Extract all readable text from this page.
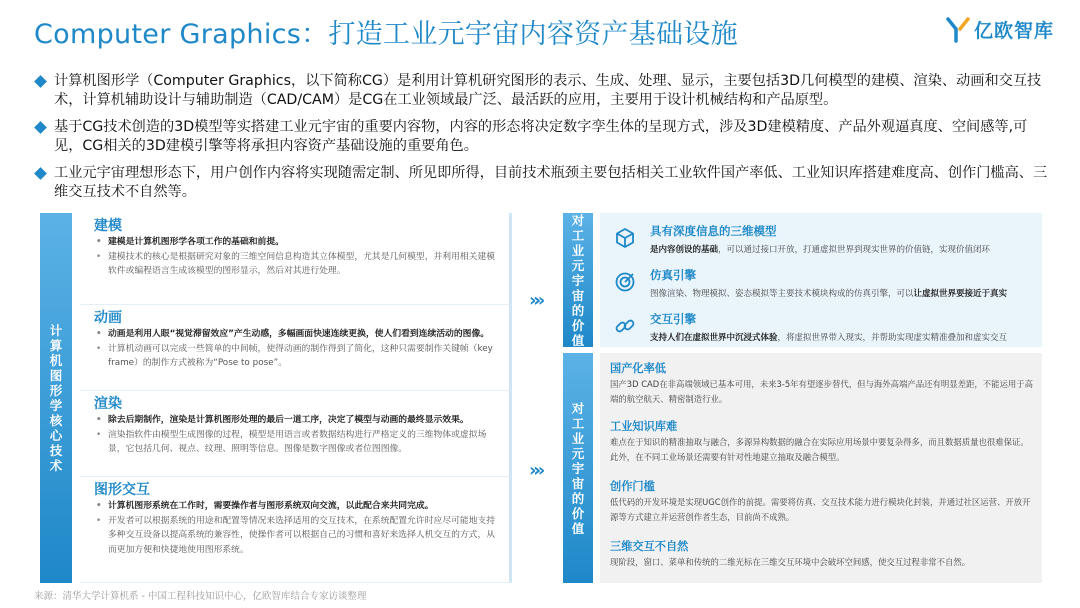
Computer Graphics：打造工业元宇宙内容资产基础设施	亿欧智库
计算机图形学（Computer Graphics，以下简称CG）是利用计算机研究图形的表示、生成、处理、显示，主要包括3D几何模型的建模、渲染、动画和交互技术，计算机辅助设计与辅助制造（CAD/CAM）是CG在工业领域最广泛、最活跃的应用，主要用于设计机械结构和产品原型。
基于CG技术创造的3D模型等实搭建工业元宇宙的重要内容物，内容的形态将决定数字孪生体的呈现方式，涉及3D建模精度、产品外观逼真度、空间感等,可见，CG相关的3D建模引擎等将承担内容资产基础设施的重要角色。
工业元宇宙理想形态下，用户创作内容将实现随需定制、所见即所得，目前技术瓶颈主要包括相关工业软件国产率低、工业知识库搭建难度高、创作门槛高、三维交互技术不自然等。
计算机图形学核心技术
建模
• 建模是计算机图形学各项工作的基础和前提。
• 建模技术的核心是根据研究对象的三维空间信息构造其立体模型，尤其是几何模型，并利用相关建模软件或编程语言生成该模型的图形显示，然后对其进行处理。
动画
• 动画是利用人眼“视觉滞留效应”产生动感，多幅画面快速连续更换，使人们看到连续活动的图像。
• 计算机动画可以完成一些简单的中间帧，使得动画的制作得到了简化，这种只需要制作关键帧（key frame）的制作方式被称为“Pose to pose”。
渲染
• 除去后期制作，渲染是计算机图形处理的最后一道工序，决定了模型与动画的最终显示效果。
• 渲染指软件由模型生成图像的过程，模型是用语言或者数据结构进行严格定义的三维物体或虚拟场景，它包括几何、视点、纹理、照明等信息。图像是数字图像或者位图图像。
图形交互
• 计算机图形系统在工作时，需要操作者与图形系统双向交流，以此配合来共同完成。
• 开发者可以根据系统的用途和配置等情况来选择适用的交互技术，在系统配置允许时应尽可能地支持多种交互设备以提高系统的兼容性，使操作者可以根据自己的习惯和喜好来选择人机交互的方式，从而更加方便和快捷地使用图形系统。
»»
»»
对工业元宇宙的价值
具有深度信息的三维模型

是内容创设的基础，可以通过接口开放，打通虚拟世界到现实世界的价值链，实现价值闭环

仿真引擎

图像渲染、物理模拟、姿态模拟等主要技术模块构成的仿真引擎，可以让虚拟世界要接近于真实

交互引擎

支持人们在虚拟世界中沉浸式体验，将虚拟世界带入现实，并帮助实现虚实精准叠加和虚实交互

对工业元宇宙的价值
国产化率低

国产3D CAD在非高端领域已基本可用，未来3-5年有望逐步替代，但与海外高端产品还有明显差距，不能运用于高端的航空航天、精密制造行业。

工业知识库难

难点在于知识的精准抽取与融合，多源异构数据的融合在实际应用场景中要复杂得多，而且数据质量也很难保证。此外，在不同工业场景还需要有针对性地建立抽取及融合模型。

创作门槛

低代码的开发环境是实现UGC创作的前提。需要将仿真、交互技术能力进行模块化封装，并通过社区运营、开放开源等方式建立并运营创作者生态，目前尚不成熟。

三维交互不自然

现阶段，窗口、菜单和传统的二维光标在三维交互环境中会破坏空间感，使交互过程非常不自然。

来源：清华大学计算机系 - 中国工程科技知识中心，亿欧智库结合专家访谈整理
